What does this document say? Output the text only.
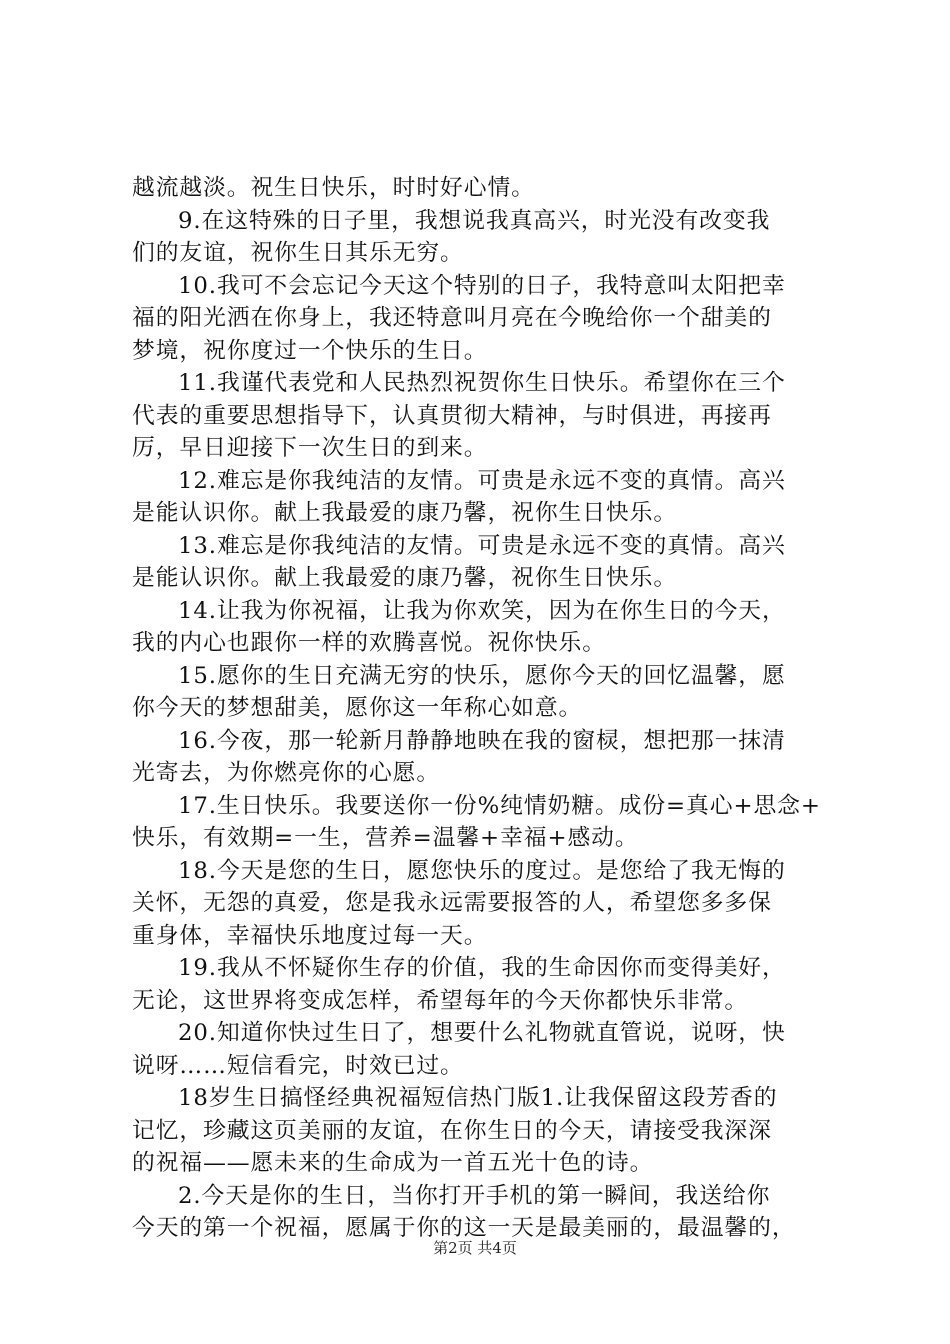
越流越淡。祝生日快乐，时时好心情。
9.在这特殊的日子里，我想说我真高兴，时光没有改变我
们的友谊，祝你生日其乐无穷。
10.我可不会忘记今天这个特别的日子，我特意叫太阳把幸
福的阳光洒在你身上，我还特意叫月亮在今晚给你一个甜美的
梦境，祝你度过一个快乐的生日。
11.我谨代表党和人民热烈祝贺你生日快乐。希望你在三个
代表的重要思想指导下，认真贯彻大精神，与时俱进，再接再
厉，早日迎接下一次生日的到来。
12.难忘是你我纯洁的友情。可贵是永远不变的真情。高兴
是能认识你。献上我最爱的康乃馨，祝你生日快乐。
13.难忘是你我纯洁的友情。可贵是永远不变的真情。高兴
是能认识你。献上我最爱的康乃馨，祝你生日快乐。
14.让我为你祝福，让我为你欢笑，因为在你生日的今天，
我的内心也跟你一样的欢腾喜悦。祝你快乐。
15.愿你的生日充满无穷的快乐，愿你今天的回忆温馨，愿
你今天的梦想甜美，愿你这一年称心如意。
16.今夜，那一轮新月静静地映在我的窗棂，想把那一抹清
光寄去，为你燃亮你的心愿。
17.生日快乐。我要送你一份%纯情奶糖。成份=真心+思念+
快乐，有效期=一生，营养=温馨+幸福+感动。
18.今天是您的生日，愿您快乐的度过。是您给了我无悔的
关怀，无怨的真爱，您是我永远需要报答的人，希望您多多保
重身体，幸福快乐地度过每一天。
19.我从不怀疑你生存的价值，我的生命因你而变得美好，
无论，这世界将变成怎样，希望每年的今天你都快乐非常。
20.知道你快过生日了，想要什么礼物就直管说，说呀，快
说呀……短信看完，时效已过。
18岁生日搞怪经典祝福短信热门版1.让我保留这段芳香的
记忆，珍藏这页美丽的友谊，在你生日的今天，请接受我深深
的祝福——愿未来的生命成为一首五光十色的诗。
2.今天是你的生日，当你打开手机的第一瞬间，我送给你
今天的第一个祝福，愿属于你的这一天是最美丽的，最温馨的，
第2页 共4页
